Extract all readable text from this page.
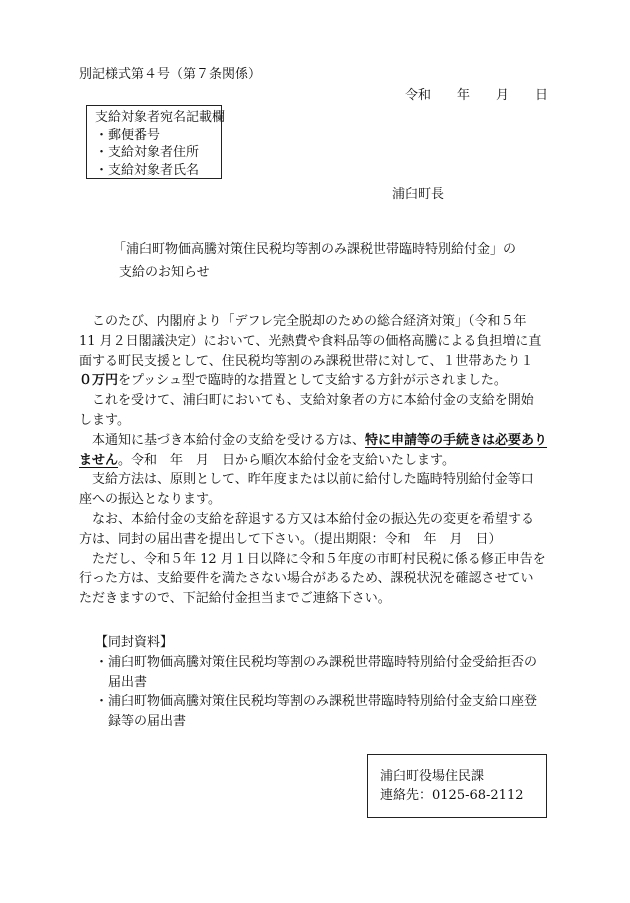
別記様式第４号（第７条関係）
令和　　年　　月　　日
支給対象者宛名記載欄
・郵便番号
・支給対象者住所
・支給対象者氏名
浦臼町長
「浦臼町物価高騰対策住民税均等割のみ課税世帯臨時特別給付金」の
支給のお知らせ
　このたび、内閣府より「デフレ完全脱却のための総合経済対策」（令和５年
11 月２日閣議決定）において、光熱費や食料品等の価格高騰による負担増に直
面する町民支援として、住民税均等割のみ課税世帯に対して、１世帯あたり１
０万円をプッシュ型で臨時的な措置として支給する方針が示されました。
　これを受けて、浦臼町においても、支給対象者の方に本給付金の支給を開始
します。
　本通知に基づき本給付金の支給を受ける方は、特に申請等の手続きは必要あり
ません。令和　年　月　日から順次本給付金を支給いたします。
　支給方法は、原則として、昨年度または以前に給付した臨時特別給付金等口
座への振込となります。
　なお、本給付金の支給を辞退する方又は本給付金の振込先の変更を希望する
方は、同封の届出書を提出して下さい。（提出期限：令和　年　月　日）
　ただし、令和５年 12 月１日以降に令和５年度の市町村民税に係る修正申告を
行った方は、支給要件を満たさない場合があるため、課税状況を確認させてい
ただきますので、下記給付金担当までご連絡下さい。
【同封資料】
・浦臼町物価高騰対策住民税均等割のみ課税世帯臨時特別給付金受給拒否の
　届出書
・浦臼町物価高騰対策住民税均等割のみ課税世帯臨時特別給付金支給口座登
　録等の届出書
浦臼町役場住民課
連絡先：0125-68-2112
